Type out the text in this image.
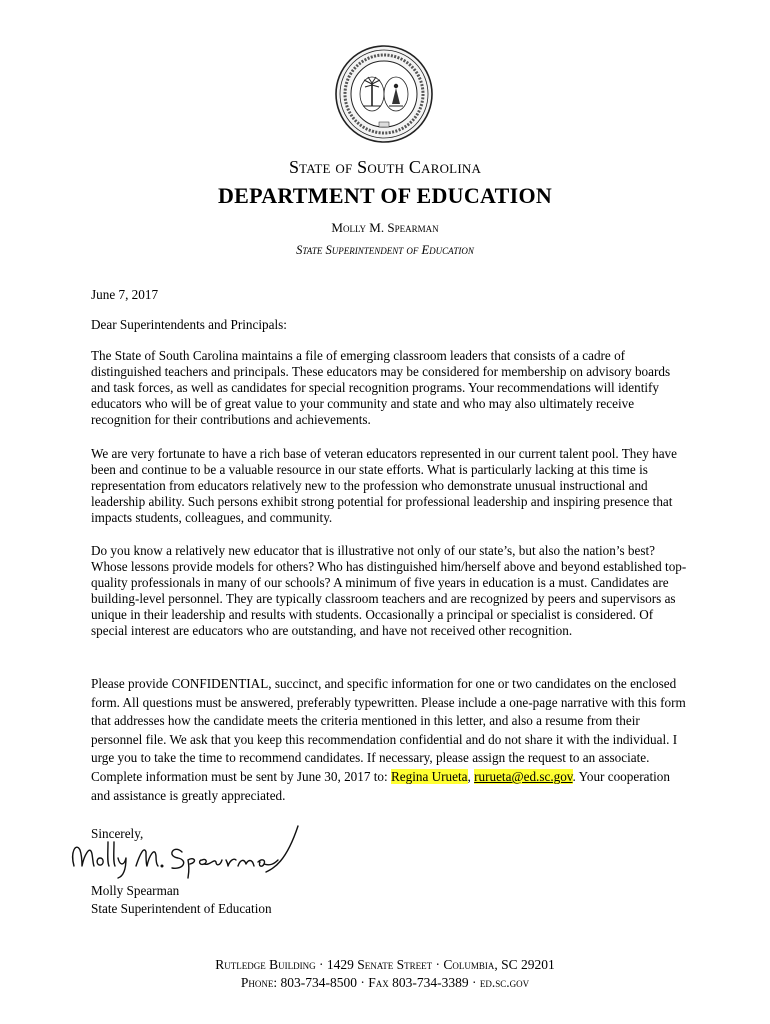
State of South Carolina
DEPARTMENT OF EDUCATION
Molly M. Spearman
State Superintendent of Education
June 7, 2017
Dear Superintendents and Principals:
The State of South Carolina maintains a file of emerging classroom leaders that consists of a cadre of distinguished teachers and principals. These educators may be considered for membership on advisory boards and task forces, as well as candidates for special recognition programs. Your recommendations will identify educators who will be of great value to your community and state and who may also ultimately receive recognition for their contributions and achievements.
We are very fortunate to have a rich base of veteran educators represented in our current talent pool. They have been and continue to be a valuable resource in our state efforts. What is particularly lacking at this time is representation from educators relatively new to the profession who demonstrate unusual instructional and leadership ability. Such persons exhibit strong potential for professional leadership and inspiring presence that impacts students, colleagues, and community.
Do you know a relatively new educator that is illustrative not only of our state’s, but also the nation’s best? Whose lessons provide models for others? Who has distinguished him/herself above and beyond established top-quality professionals in many of our schools? A minimum of five years in education is a must. Candidates are building-level personnel. They are typically classroom teachers and are recognized by peers and supervisors as unique in their leadership and results with students. Occasionally a principal or specialist is considered. Of special interest are educators who are outstanding, and have not received other recognition.
Please provide CONFIDENTIAL, succinct, and specific information for one or two candidates on the enclosed form. All questions must be answered, preferably typewritten. Please include a one-page narrative with this form that addresses how the candidate meets the criteria mentioned in this letter, and also a resume from their personnel file. We ask that you keep this recommendation confidential and do not share it with the individual. I urge you to take the time to recommend candidates. If necessary, please assign the request to an associate. Complete information must be sent by June 30, 2017 to: Regina Urueta, rurueta@ed.sc.gov. Your cooperation and assistance is greatly appreciated.
Sincerely,
Molly Spearman
State Superintendent of Education
Rutledge Building · 1429 Senate Street · Columbia, SC 29201
Phone: 803-734-8500 · Fax 803-734-3389 · ed.sc.gov
